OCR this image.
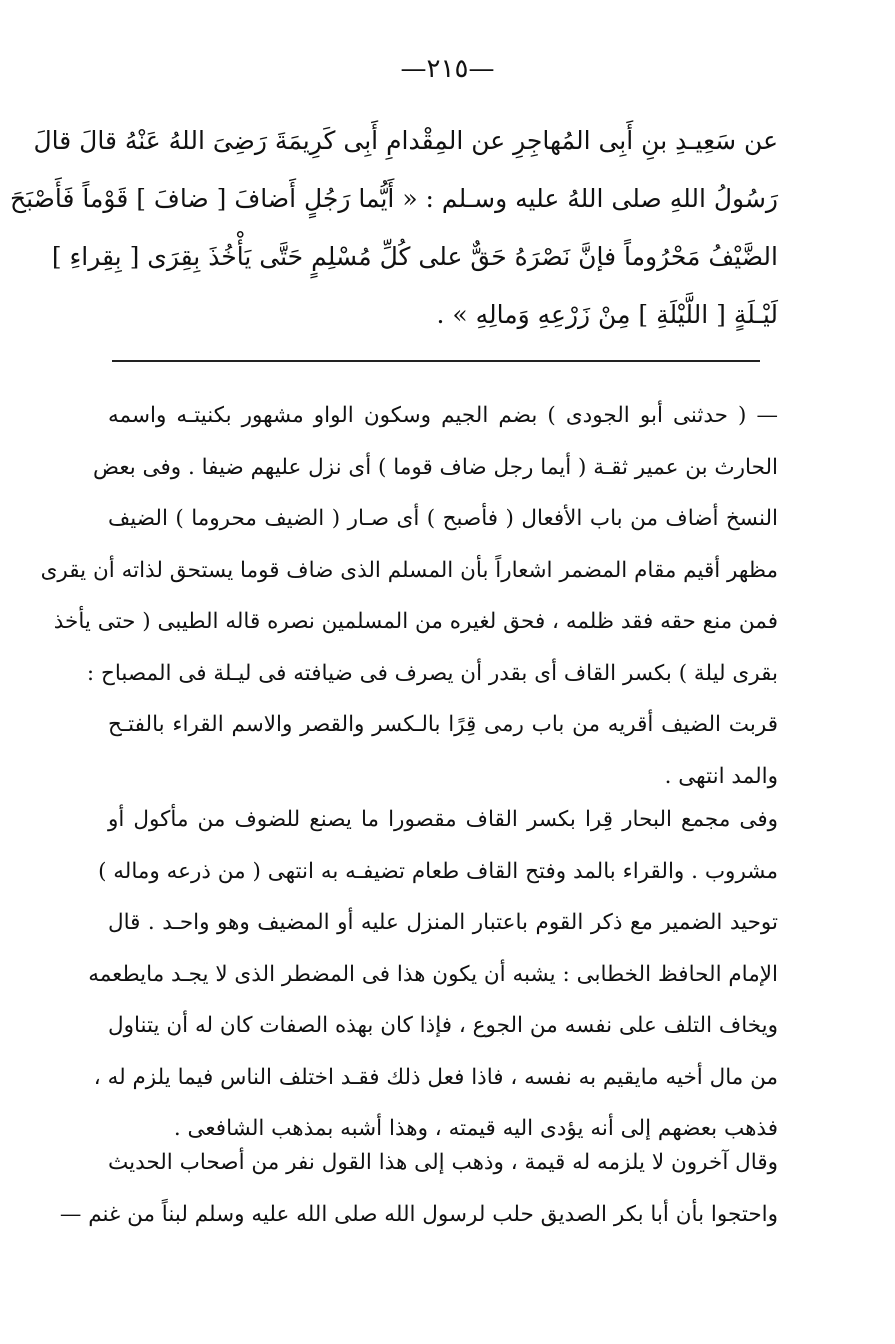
—٢١٥—
عن سَعِيـدِ بنِ أَبِى المُهاجِرِ عن المِقْدامِ أَبِى كَرِيمَةَ رَضِىَ اللهُ عَنْهُ قالَ قالَ
رَسُولُ اللهِ صلى اللهُ عليه وسـلم : « أَيُّما رَجُلٍ أَضافَ [ ضافَ ] قَوْماً فَأَصْبَحَ
الضَّيْفُ مَحْرُوماً فإنَّ نَصْرَهُ حَقٌّ على كُلِّ مُسْلِمٍ حَتَّى يَأْخُذَ بِقِرَى [ بِقِراءِ ]
لَيْـلَةٍ [ اللَّيْلَةِ ] مِنْ زَرْعِهِ وَمالِهِ » .
— ( حدثنى أبو الجودى ) بضم الجيم وسكون الواو مشهور بكنيتـه واسمه
الحارث بن عمير ثقـة ( أيما رجل ضاف قوما ) أى نزل عليهم ضيفا . وفى بعض
النسخ أضاف من باب الأفعال ( فأصبح ) أى صـار ( الضيف محروما ) الضيف
مظهر أقيم مقام المضمر اشعاراً بأن المسلم الذى ضاف قوما يستحق لذاته أن يقرى
فمن منع حقه فقد ظلمه ، فحق لغيره من المسلمين نصره قاله الطيبى ( حتى يأخذ
بقرى ليلة ) بكسر القاف أى بقدر أن يصرف فى ضيافته فى ليـلة فى المصباح :
قربت الضيف أقريه من باب رمى قِرًا بالـكسر والقصر والاسم القراء بالفتـح
والمد انتهى .
وفى مجمع البحار قِرا بكسر القاف مقصورا ما يصنع للضوف من مأكول أو
مشروب . والقراء بالمد وفتح القاف طعام تضيفـه به انتهى ( من ذرعه وماله )
توحيد الضمير مع ذكر القوم باعتبار المنزل عليه أو المضيف وهو واحـد . قال
الإمام الحافظ الخطابى : يشبه أن يكون هذا فى المضطر الذى لا يجـد مايطعمه
ويخاف التلف على نفسه من الجوع ، فإذا كان بهذه الصفات كان له أن يتناول
من مال أخيه مايقيم به نفسه ، فاذا فعل ذلك فقـد اختلف الناس فيما يلزم له ،
فذهب بعضهم إلى أنه يؤدى اليه قيمته ، وهذا أشبه بمذهب الشافعى .
وقال آخرون لا يلزمه له قيمة ، وذهب إلى هذا القول نفر من أصحاب الحديث
واحتجوا بأن أبا بكر الصديق حلب لرسول الله صلى الله عليه وسلم لبناً من غنم —
